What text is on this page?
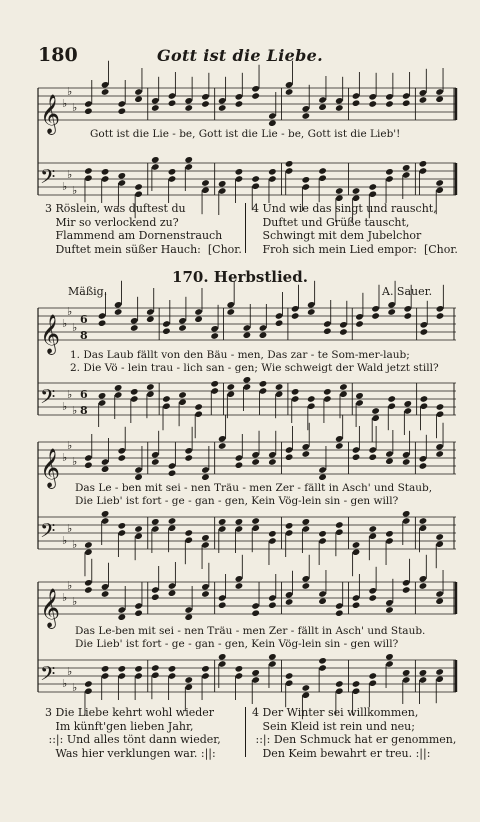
180	Gott ist die Liebe.
𝄞
𝄢
♭
♭
♭
♭
♭
♭
𝄞
𝄢
♭
♭
♭
♭
♭
♭
6
6
8
8
𝄞
𝄢
♭
♭
♭
♭
♭
♭
𝄞
𝄢
♭
♭
♭
♭
♭
♭
Gott ist die Lie - be, Gott ist die Lie - be, Gott ist die Lieb'!
3 Röslein, was duftest du
Mir so verlockend zu?
Flammend am Dornenstrauch
Duftet mein süßer Hauch:  [Chor.
4 Und wie das singt und rauscht,
Duftet und Grüße tauscht,
Schwingt mit dem Jubelchor
Froh sich mein Lied empor:  [Chor.
170. Herbstlied.
Mäßig.	A. Sauer.
1. Das Laub fällt von den Bäu - men, Das zar - te Som-mer-laub;
2. Die Vö - lein trau - lich san - gen; Wie schweigt der Wald jetzt still?
Das Le - ben mit sei - nen Träu - men Zer - fällt in Asch' und Staub,
Die Lieb' ist fort - ge - gan - gen, Kein Vög-lein sin - gen will?
Das Le-ben mit sei - nen Träu - men Zer - fällt in Asch' und Staub.
Die Lieb' ist fort - ge - gan - gen, Kein Vög-lein sin - gen will?
3 Die Liebe kehrt wohl wieder
Im künft'gen lieben Jahr,
::|: Und alles tönt dann wieder,
Was hier verklungen war. :||:
4 Der Winter sei willkommen,
Sein Kleid ist rein und neu;
::|: Den Schmuck hat er genommen,
Den Keim bewahrt er treu. :||:
